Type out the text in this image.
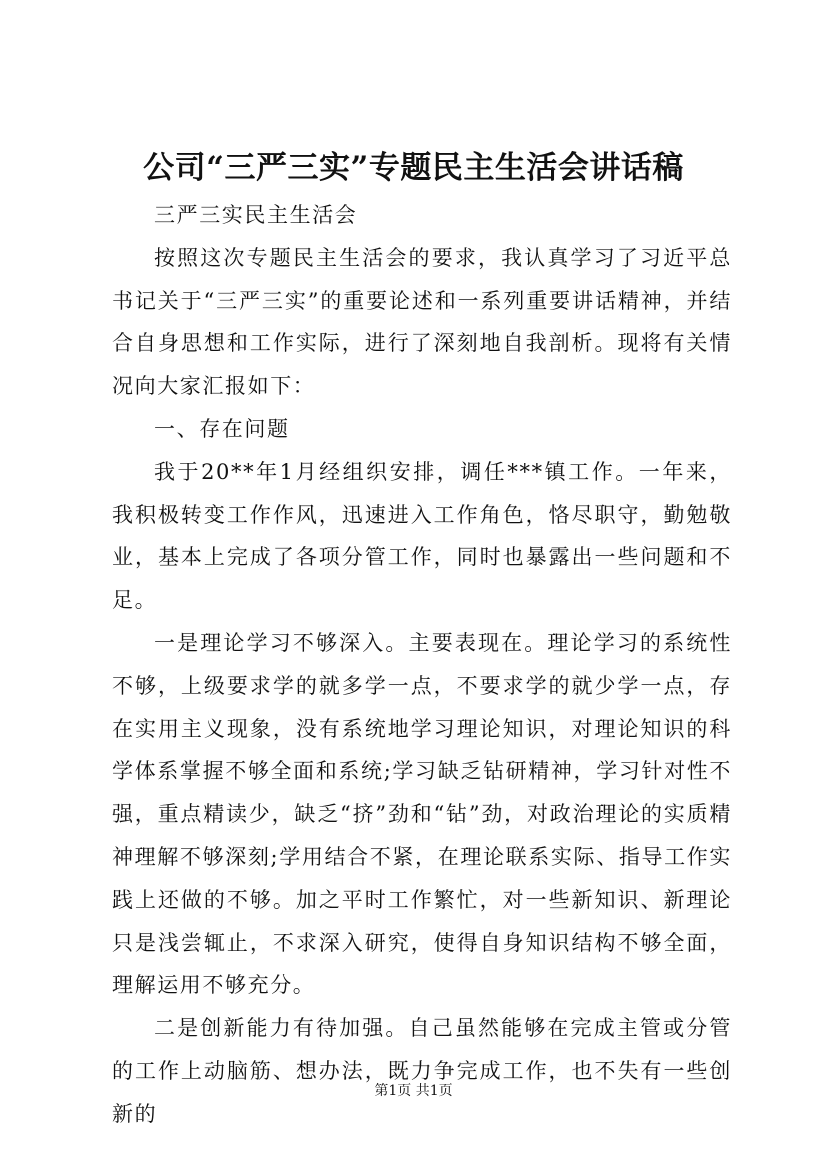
公司“三严三实”专题民主生活会讲话稿

三严三实民主生活会

按照这次专题民主生活会的要求，我认真学习了习近平总书记关于“三严三实”的重要论述和一系列重要讲话精神，并结合自身思想和工作实际，进行了深刻地自我剖析。现将有关情况向大家汇报如下：

一、存在问题

我于20**年1月经组织安排，调任***镇工作。一年来，我积极转变工作作风，迅速进入工作角色，恪尽职守，勤勉敬业，基本上完成了各项分管工作，同时也暴露出一些问题和不足。

一是理论学习不够深入。主要表现在。理论学习的系统性不够，上级要求学的就多学一点，不要求学的就少学一点，存在实用主义现象，没有系统地学习理论知识，对理论知识的科学体系掌握不够全面和系统;学习缺乏钻研精神，学习针对性不强，重点精读少，缺乏“挤”劲和“钻”劲，对政治理论的实质精神理解不够深刻;学用结合不紧，在理论联系实际、指导工作实践上还做的不够。加之平时工作繁忙，对一些新知识、新理论只是浅尝辄止，不求深入研究，使得自身知识结构不够全面，理解运用不够充分。

二是创新能力有待加强。自己虽然能够在完成主管或分管的工作上动脑筋、想办法，既力争完成工作，也不失有一些创新的

第1页 共1页
